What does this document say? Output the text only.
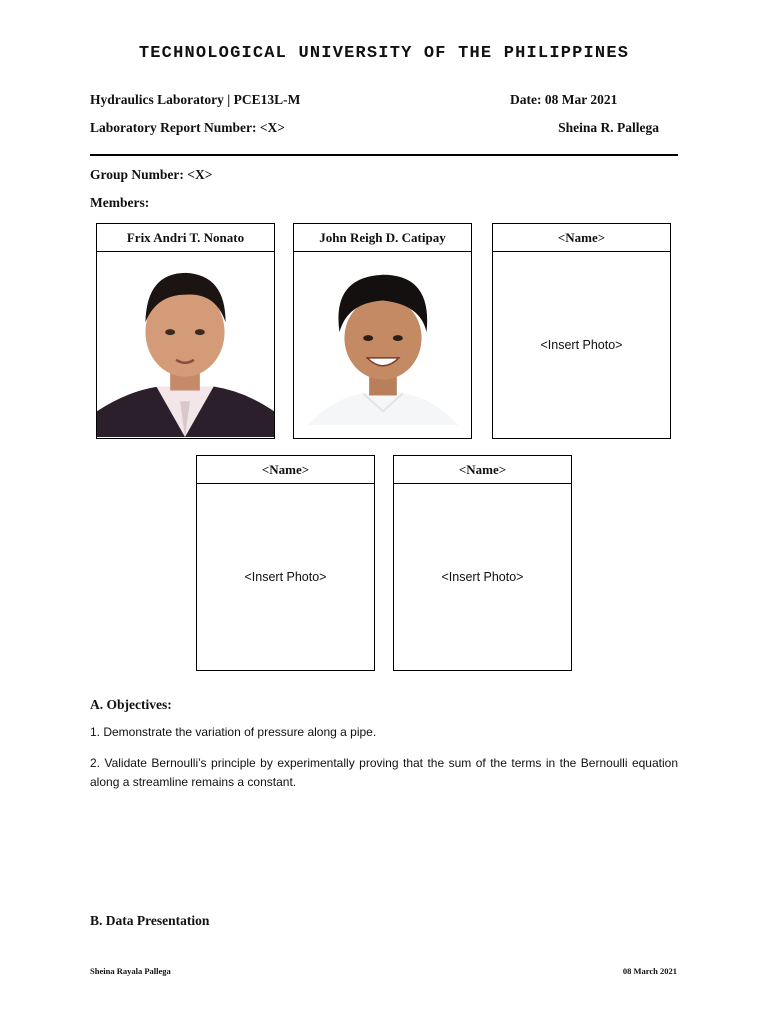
TECHNOLOGICAL UNIVERSITY OF THE PHILIPPINES
Hydraulics Laboratory | PCE13L-M	Date: 08 Mar 2021
Laboratory Report Number: <X>	Sheina R. Pallega
Group Number: <X>
Members:
Frix Andri T. Nonato	John Reigh D. Catipay	<Name>
<Insert Photo>
<Name>
<Insert Photo>
<Name>
<Insert Photo>
A. Objectives:
1. Demonstrate the variation of pressure along a pipe.
2. Validate Bernoulli’s principle by experimentally proving that the sum of the terms in the Bernoulli equation along a streamline remains a constant.
B. Data Presentation
Sheina Rayala Pallega	08 March 2021
